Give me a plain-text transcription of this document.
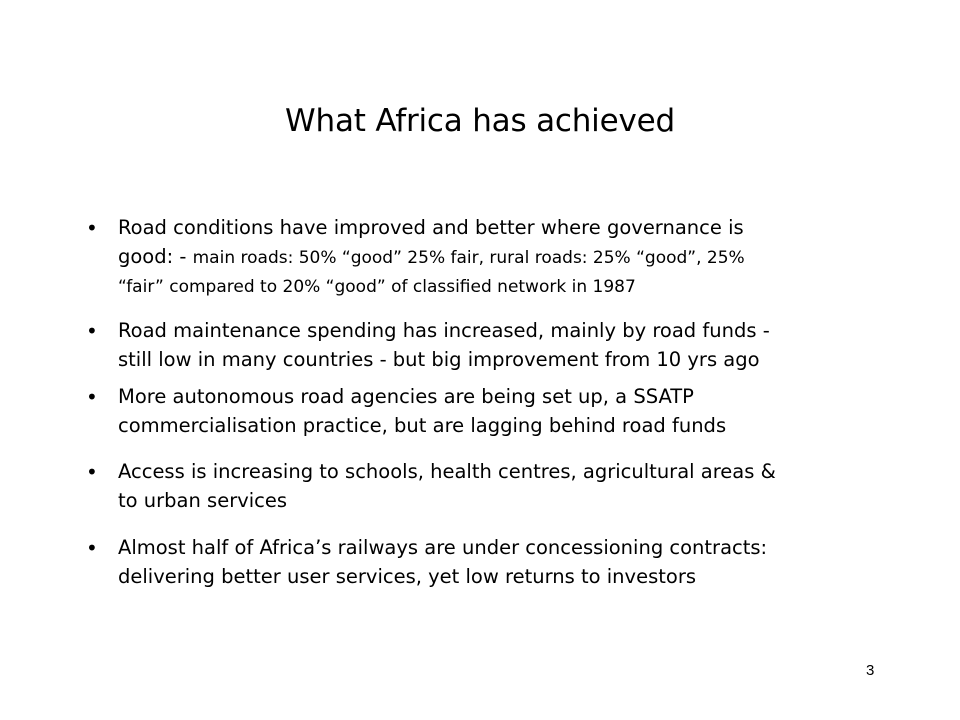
What Africa has achieved
• Road conditions have improved and better where governance is
good: - main roads: 50% “good” 25% fair, rural roads: 25% “good”, 25%
“fair” compared to 20% “good” of classified network in 1987
• Road maintenance spending has increased, mainly by road funds -
still low in many countries - but big improvement from 10 yrs ago
• More autonomous road agencies are being set up, a SSATP
commercialisation practice, but are lagging behind road funds
• Access is increasing to schools, health centres, agricultural areas &
to urban services
• Almost half of Africa’s railways are under concessioning contracts:
delivering better user services, yet low returns to investors
3
